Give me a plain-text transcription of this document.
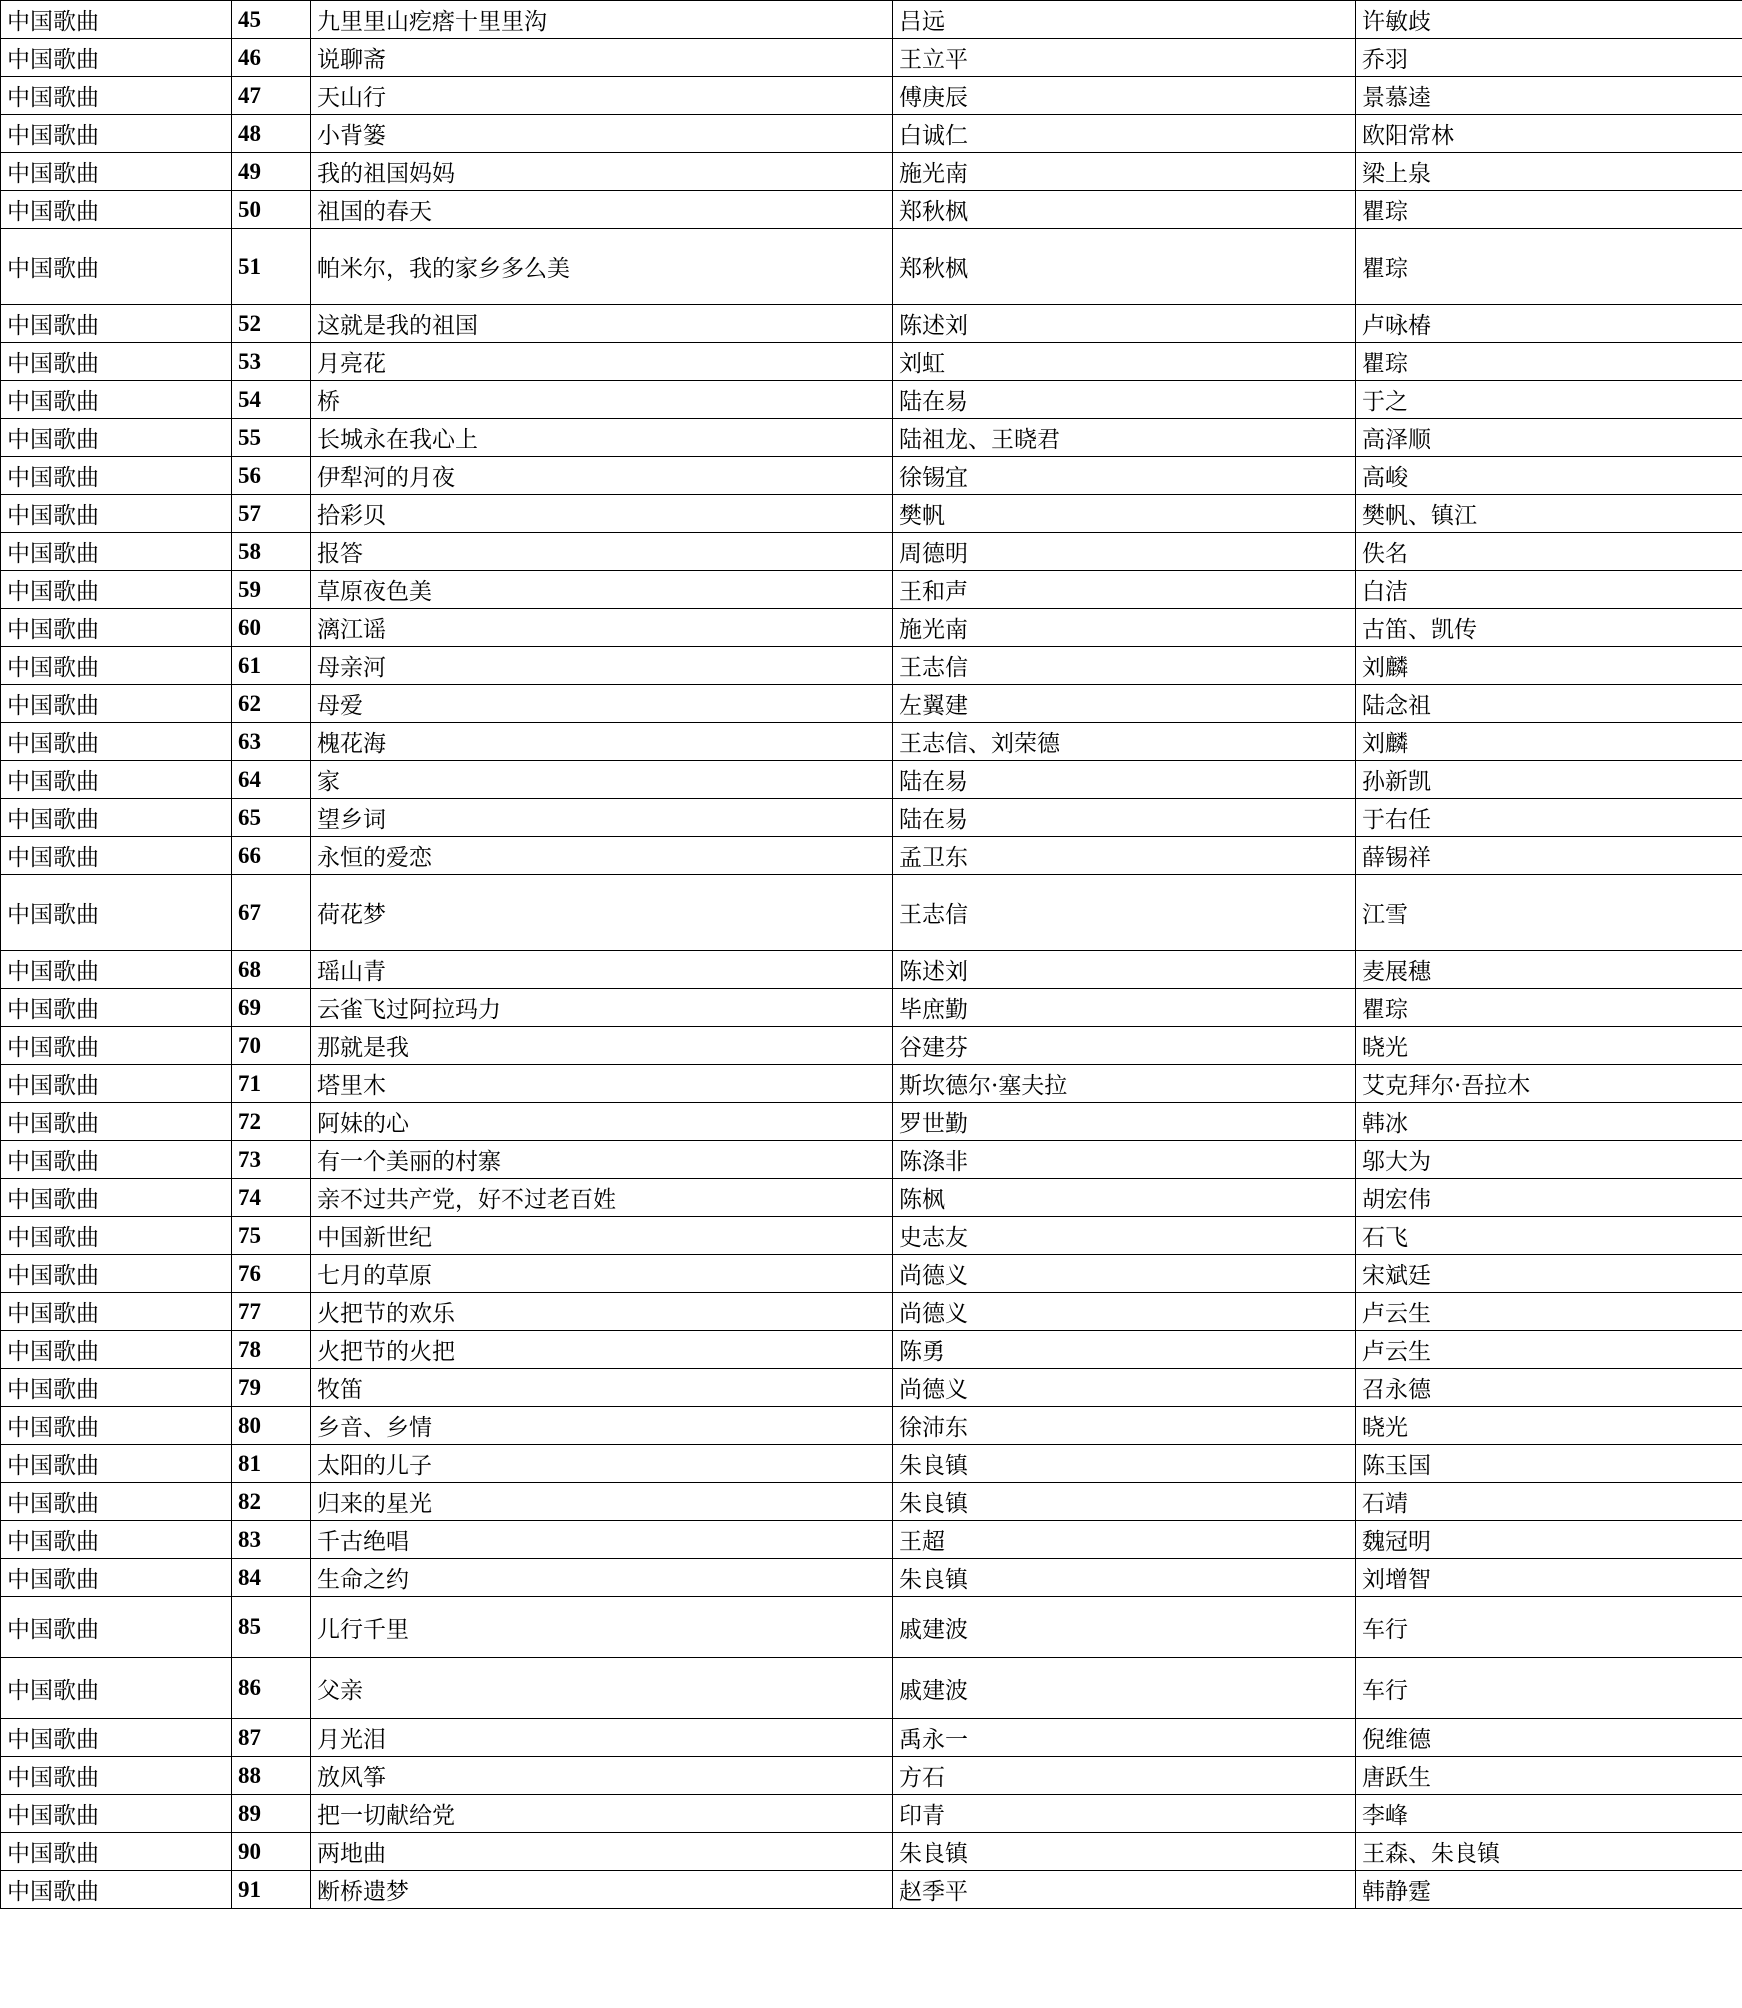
中国歌曲	45	九里里山疙瘩十里里沟	吕远	许敏歧
中国歌曲	46	说聊斋	王立平	乔羽
中国歌曲	47	天山行	傅庚辰	景慕逵
中国歌曲	48	小背篓	白诚仁	欧阳常林
中国歌曲	49	我的祖国妈妈	施光南	梁上泉
中国歌曲	50	祖国的春天	郑秋枫	瞿琮
中国歌曲	51	帕米尔，我的家乡多么美	郑秋枫	瞿琮
中国歌曲	52	这就是我的祖国	陈述刘	卢咏椿
中国歌曲	53	月亮花	刘虹	瞿琮
中国歌曲	54	桥	陆在易	于之
中国歌曲	55	长城永在我心上	陆祖龙、王晓君	高泽顺
中国歌曲	56	伊犁河的月夜	徐锡宜	高峻
中国歌曲	57	拾彩贝	樊帆	樊帆、镇江
中国歌曲	58	报答	周德明	佚名
中国歌曲	59	草原夜色美	王和声	白洁
中国歌曲	60	漓江谣	施光南	古笛、凯传
中国歌曲	61	母亲河	王志信	刘麟
中国歌曲	62	母爱	左翼建	陆念祖
中国歌曲	63	槐花海	王志信、刘荣德	刘麟
中国歌曲	64	家	陆在易	孙新凯
中国歌曲	65	望乡词	陆在易	于右任
中国歌曲	66	永恒的爱恋	孟卫东	薛锡祥
中国歌曲	67	荷花梦	王志信	江雪
中国歌曲	68	瑶山青	陈述刘	麦展穗
中国歌曲	69	云雀飞过阿拉玛力	毕庶勤	瞿琮
中国歌曲	70	那就是我	谷建芬	晓光
中国歌曲	71	塔里木	斯坎德尔·塞夫拉	艾克拜尔·吾拉木
中国歌曲	72	阿妹的心	罗世勤	韩冰
中国歌曲	73	有一个美丽的村寨	陈涤非	邬大为
中国歌曲	74	亲不过共产党，好不过老百姓	陈枫	胡宏伟
中国歌曲	75	中国新世纪	史志友	石飞
中国歌曲	76	七月的草原	尚德义	宋斌廷
中国歌曲	77	火把节的欢乐	尚德义	卢云生
中国歌曲	78	火把节的火把	陈勇	卢云生
中国歌曲	79	牧笛	尚德义	召永德
中国歌曲	80	乡音、乡情	徐沛东	晓光
中国歌曲	81	太阳的儿子	朱良镇	陈玉国
中国歌曲	82	归来的星光	朱良镇	石靖
中国歌曲	83	千古绝唱	王超	魏冠明
中国歌曲	84	生命之约	朱良镇	刘增智
中国歌曲	85	儿行千里	戚建波	车行
中国歌曲	86	父亲	戚建波	车行
中国歌曲	87	月光泪	禹永一	倪维德
中国歌曲	88	放风筝	方石	唐跃生
中国歌曲	89	把一切献给党	印青	李峰
中国歌曲	90	两地曲	朱良镇	王森、朱良镇
中国歌曲	91	断桥遗梦	赵季平	韩静霆
